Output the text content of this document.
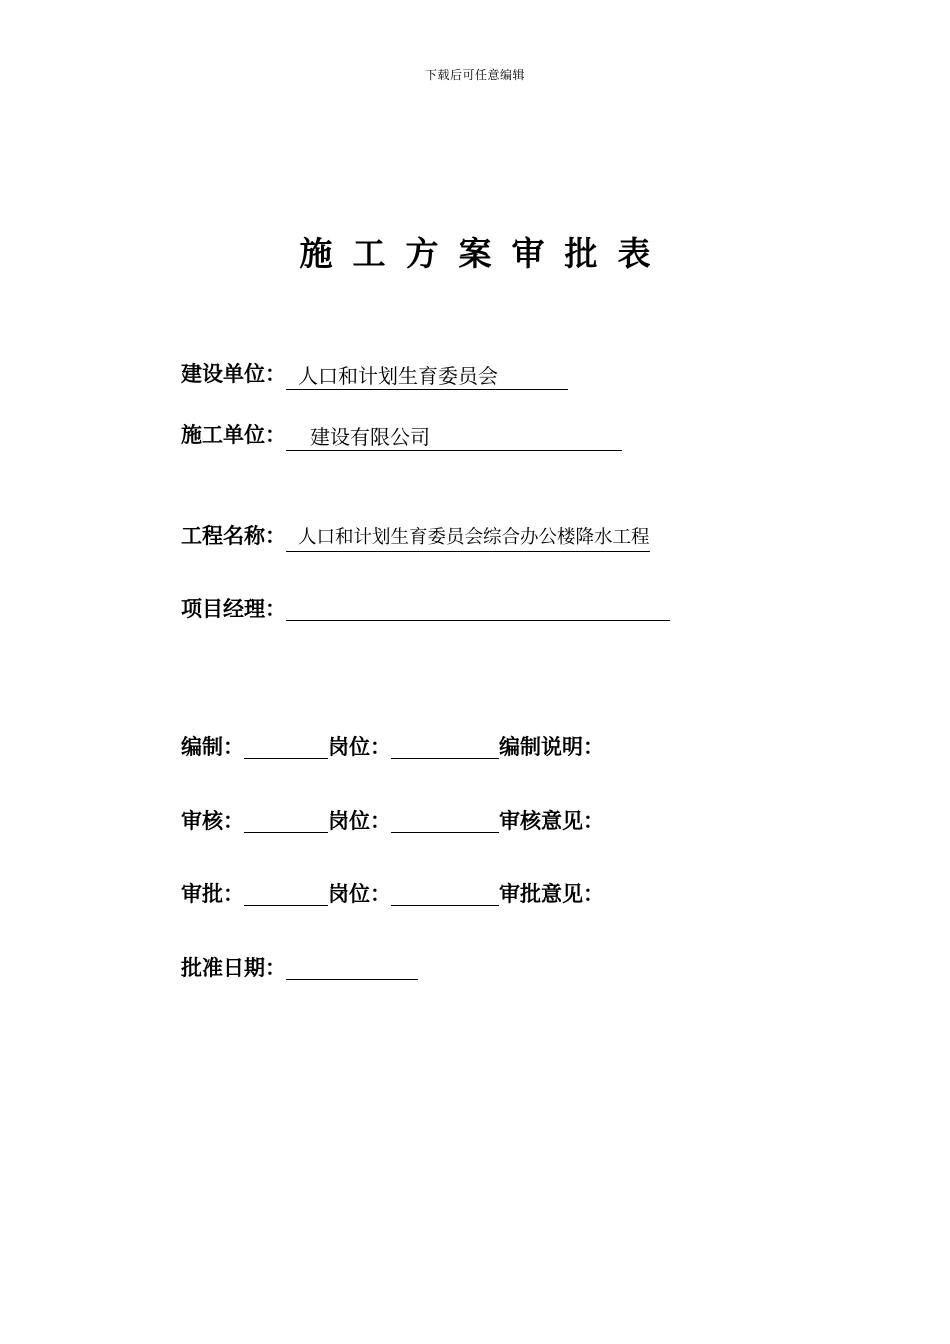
下载后可任意编辑
施工方案审批表
建设单位： 人口和计划生育委员会
施工单位：	建设有限公司
工程名称： 人口和计划生育委员会综合办公楼降水工程
项目经理：
编制：	岗位：	编制说明：
审核：	岗位：	审核意见：
审批：	岗位：	审批意见：
批准日期：
